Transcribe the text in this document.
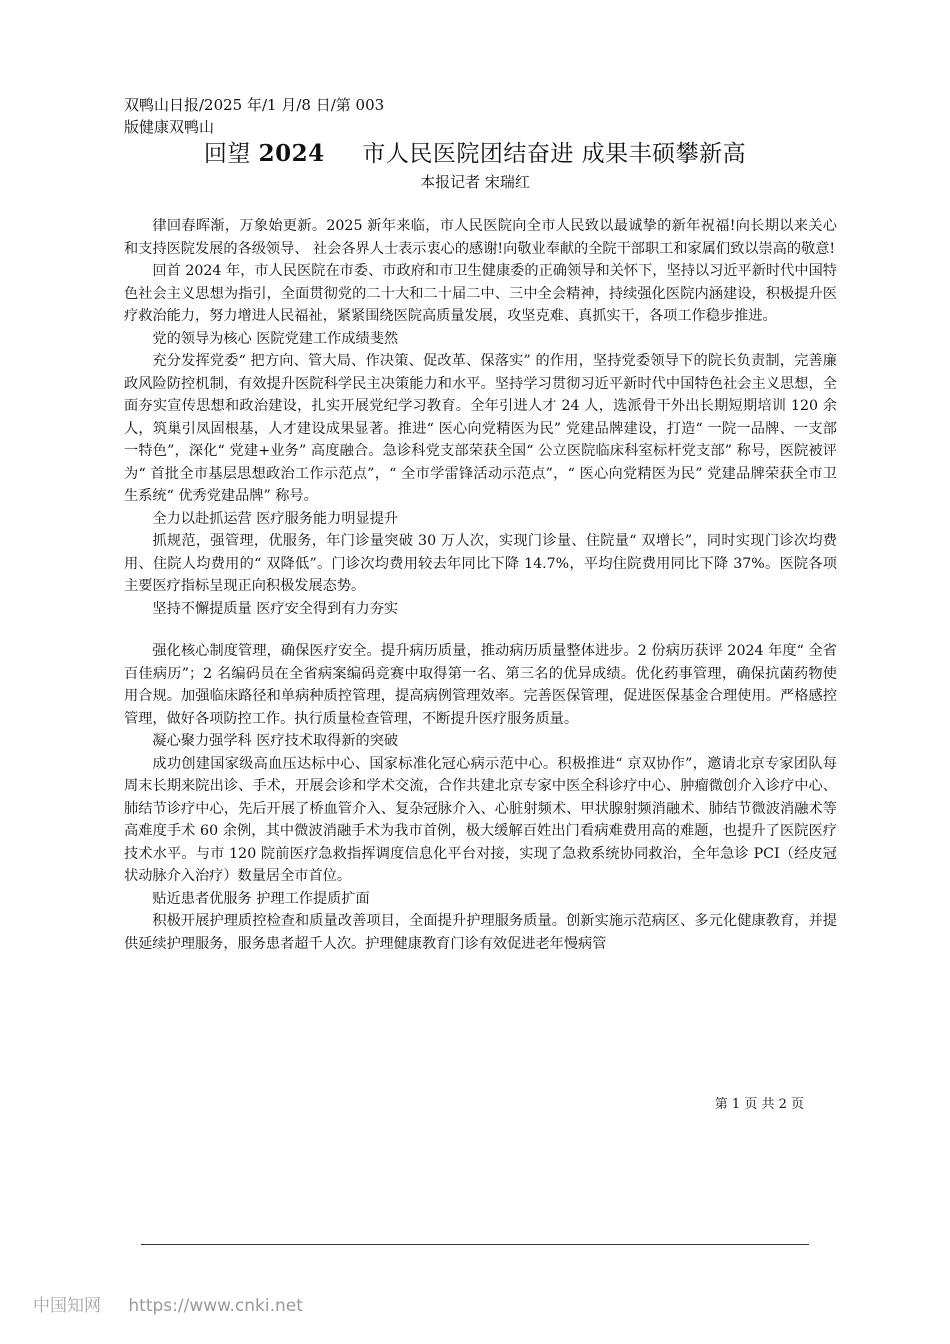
双鸭山日报/2025 年/1 月/8 日/第 003
版健康双鸭山
回望 2024 市人民医院团结奋进 成果丰硕攀新高
本报记者 宋瑞红

律回春晖渐，万象始更新。2025 新年来临，市人民医院向全市人民致以最诚挚的新年祝福!向长期以来关心和支持医院发展的各级领导、 社会各界人士表示衷心的感谢!向敬业奉献的全院干部职工和家属们致以崇高的敬意!

回首 2024 年，市人民医院在市委、市政府和市卫生健康委的正确领导和关怀下，坚持以习近平新时代中国特色社会主义思想为指引，全面贯彻党的二十大和二十届二中、三中全会精神，持续强化医院内涵建设，积极提升医疗救治能力，努力增进人民福祉，紧紧围绕医院高质量发展，攻坚克难、真抓实干，各项工作稳步推进。

党的领导为核心 医院党建工作成绩斐然

充分发挥党委“ 把方向、管大局、作决策、促改革、保落实” 的作用，坚持党委领导下的院长负责制，完善廉政风险防控机制，有效提升医院科学民主决策能力和水平。坚持学习贯彻习近平新时代中国特色社会主义思想，全面夯实宣传思想和政治建设，扎实开展党纪学习教育。全年引进人才 24 人，选派骨干外出长期短期培训 120 余人，筑巢引凤固根基，人才建设成果显著。推进“ 医心向党精医为民” 党建品牌建设，打造“ 一院一品牌、一支部一特色”，深化“ 党建+业务” 高度融合。急诊科党支部荣获全国“ 公立医院临床科室标杆党支部” 称号，医院被评为“ 首批全市基层思想政治工作示范点”，“ 全市学雷锋活动示范点”，“ 医心向党精医为民” 党建品牌荣获全市卫生系统“ 优秀党建品牌” 称号。

全力以赴抓运营 医疗服务能力明显提升

抓规范，强管理，优服务，年门诊量突破 30 万人次，实现门诊量、住院量“ 双增长”，同时实现门诊次均费用、住院人均费用的“ 双降低”。门诊次均费用较去年同比下降 14.7%，平均住院费用同比下降 37%。医院各项主要医疗指标呈现正向积极发展态势。

坚持不懈提质量 医疗安全得到有力夯实

强化核心制度管理，确保医疗安全。提升病历质量，推动病历质量整体进步。2 份病历获评 2024 年度“ 全省百佳病历”；2 名编码员在全省病案编码竞赛中取得第一名、第三名的优异成绩。优化药事管理，确保抗菌药物使用合规。加强临床路径和单病种质控管理，提高病例管理效率。完善医保管理，促进医保基金合理使用。严格感控管理，做好各项防控工作。执行质量检查管理，不断提升医疗服务质量。

凝心聚力强学科 医疗技术取得新的突破

成功创建国家级高血压达标中心、国家标准化冠心病示范中心。积极推进“ 京双协作”，邀请北京专家团队每周末长期来院出诊、手术，开展会诊和学术交流，合作共建北京专家中医全科诊疗中心、肿瘤微创介入诊疗中心、肺结节诊疗中心，先后开展了桥血管介入、复杂冠脉介入、心脏射频术、甲状腺射频消融术、肺结节微波消融术等高难度手术 60 余例，其中微波消融手术为我市首例，极大缓解百姓出门看病难费用高的难题，也提升了医院医疗技术水平。与市 120 院前医疗急救指挥调度信息化平台对接，实现了急救系统协同救治，全年急诊 PCI（经皮冠状动脉介入治疗）数量居全市首位。

贴近患者优服务 护理工作提质扩面

积极开展护理质控检查和质量改善项目，全面提升护理服务质量。创新实施示范病区、多元化健康教育，并提供延续护理服务，服务患者超千人次。护理健康教育门诊有效促进老年慢病管

第 1 页 共 2 页
中国知网 https://www.cnki.net
